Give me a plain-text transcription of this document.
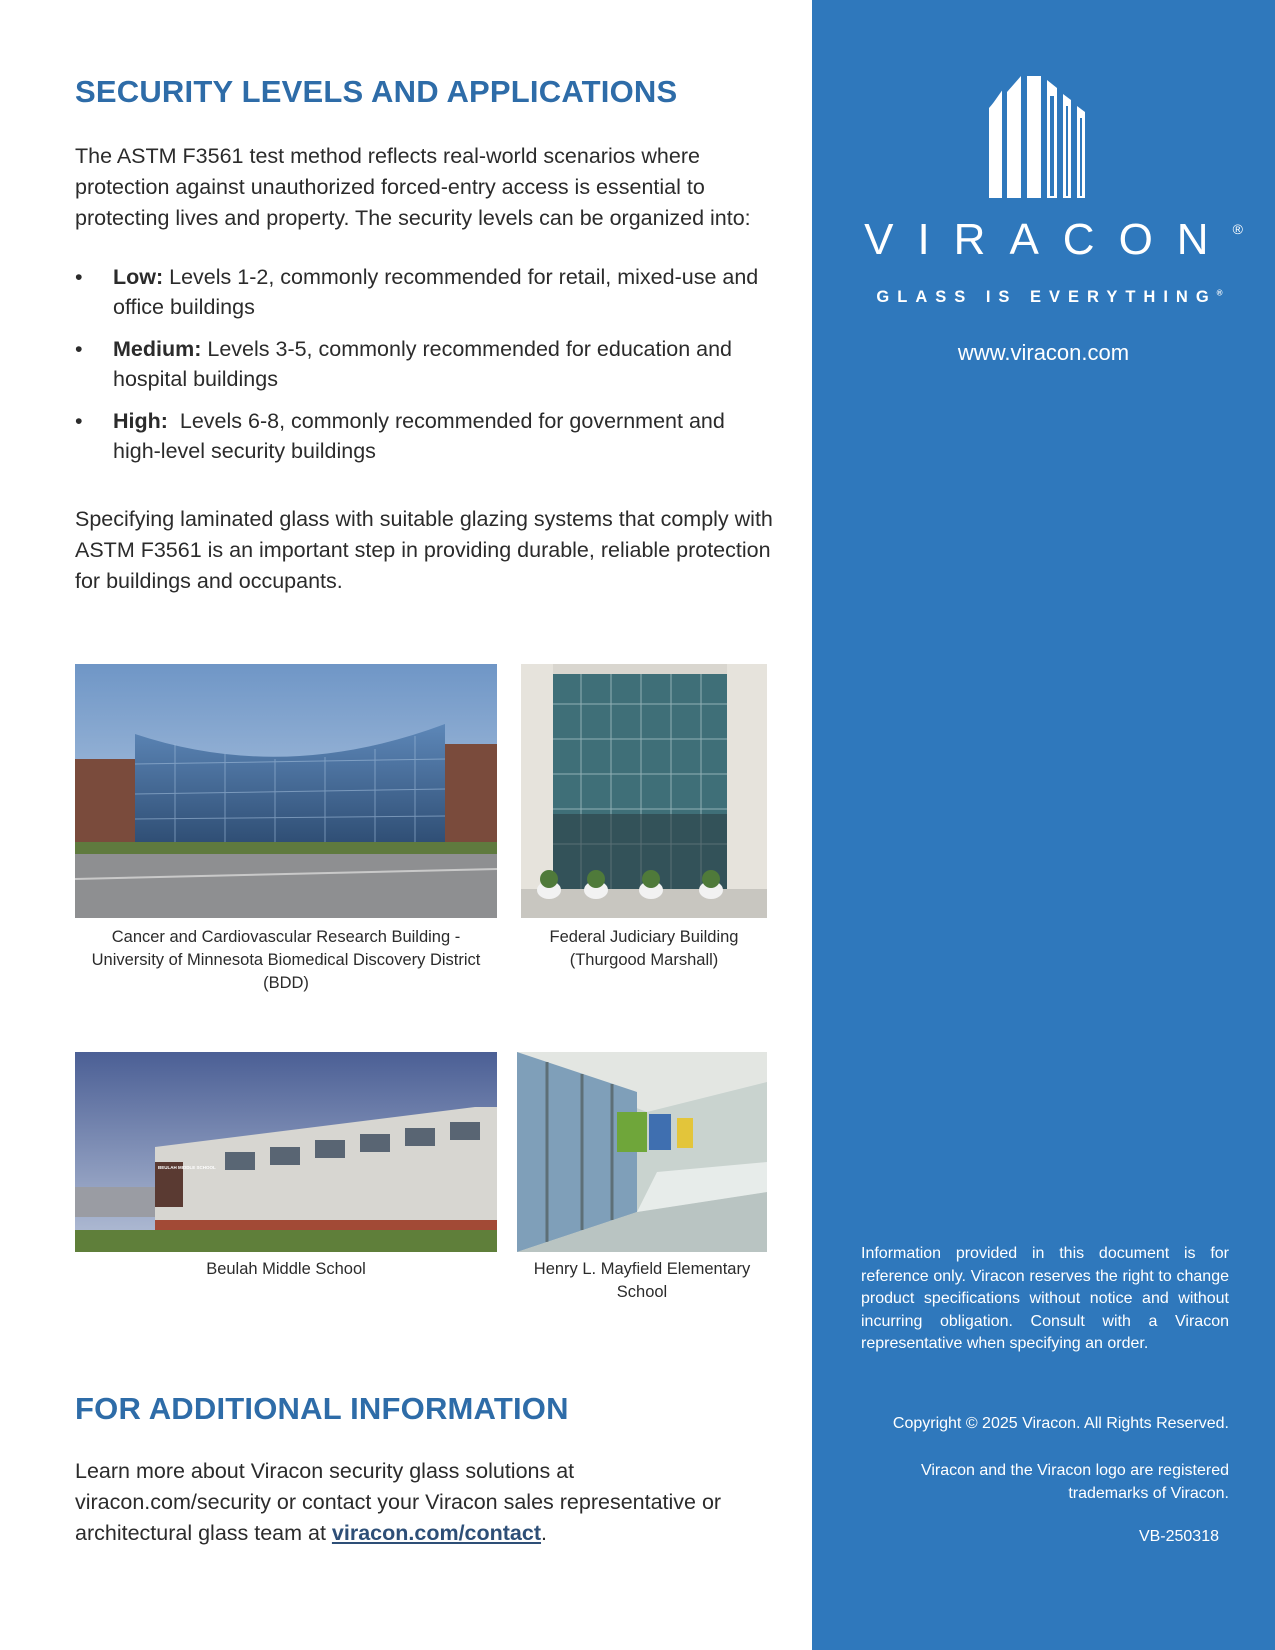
SECURITY LEVELS AND APPLICATIONS

The ASTM F3561 test method reflects real-world scenarios where protection against unauthorized forced-entry access is essential to protecting lives and property. The security levels can be organized into:

• Low: Levels 1-2, commonly recommended for retail, mixed-use and office buildings
• Medium: Levels 3-5, commonly recommended for education and hospital buildings
• High:  Levels 6-8, commonly recommended for government and high-level security buildings

Specifying laminated glass with suitable glazing systems that comply with ASTM F3561 is an important step in providing durable, reliable protection for buildings and occupants.

Cancer and Cardiovascular Research Building - University of Minnesota Biomedical Discovery District (BDD)
Federal Judiciary Building (Thurgood Marshall)
BEULAH MIDDLE SCHOOL
Beulah Middle School	Henry L. Mayfield Elementary School
FOR ADDITIONAL INFORMATION

Learn more about Viracon security glass solutions at viracon.com/security or contact your Viracon sales representative or architectural glass team at viracon.com/contact.

VIRACON®
GLASS IS EVERYTHING®
www.viracon.com

Information provided in this document is for reference only. Viracon reserves the right to change product specifications without notice and without incurring obligation. Consult with a Viracon representative when specifying an order.

Copyright © 2025 Viracon. All Rights Reserved.

Viracon and the Viracon logo are registered trademarks of Viracon.

VB-250318
